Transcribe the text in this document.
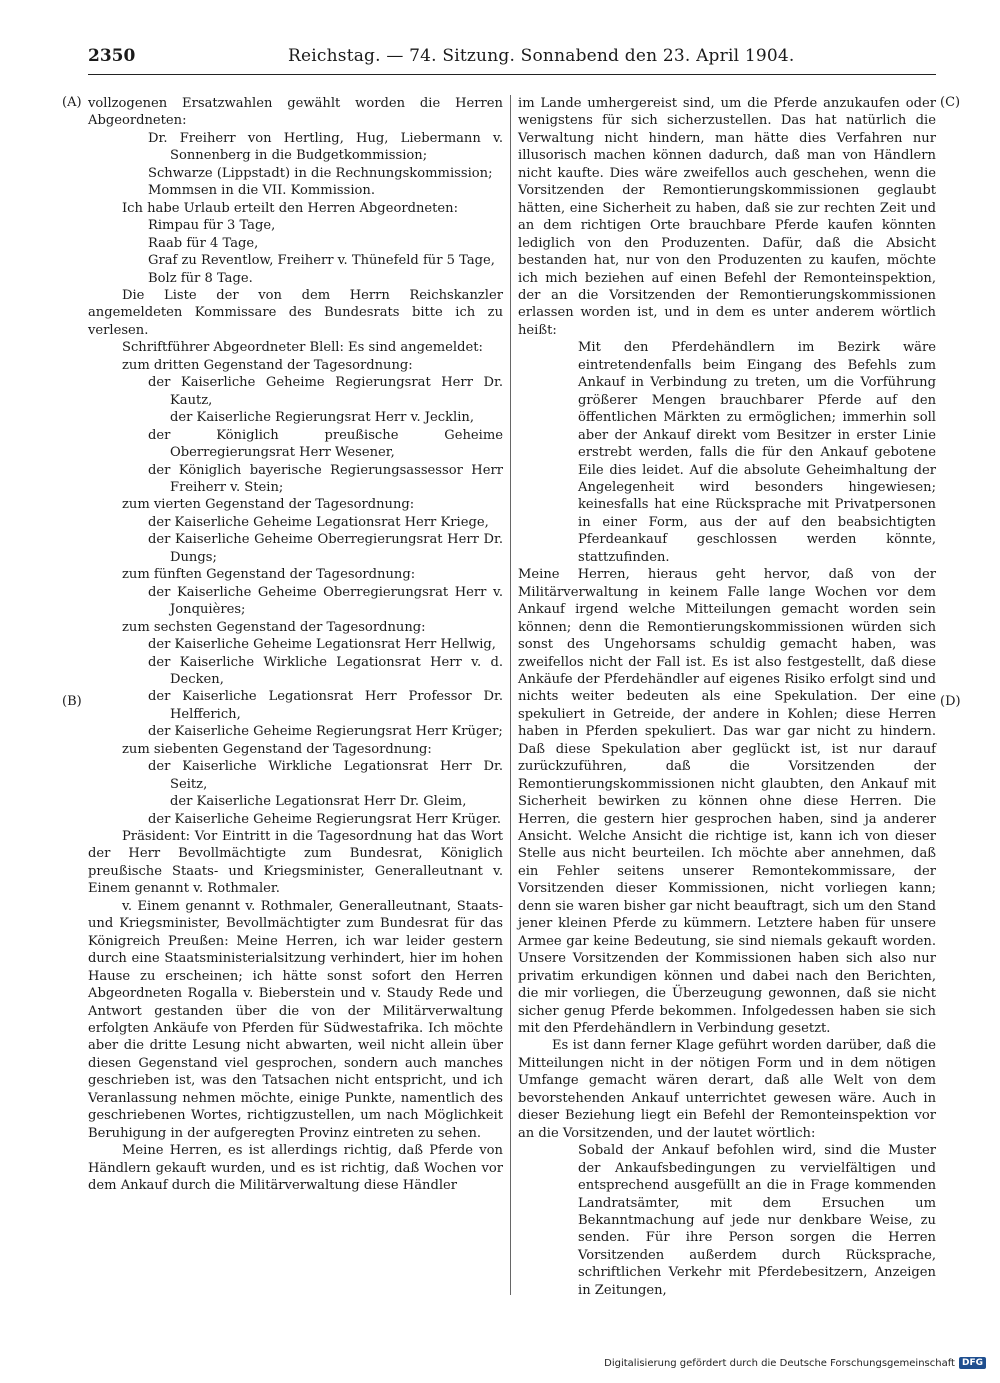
2350	Reichstag. — 74. Sitzung. Sonnabend den 23. April 1904.
(A)
(B)
(C)
(D)

vollzogenen Ersatzwahlen gewählt worden die Herren Abgeordneten:

Dr. Freiherr von Hertling, Hug, Liebermann v. Sonnenberg in die Budgetkommission;

Schwarze (Lippstadt) in die Rechnungskommission;

Mommsen in die VII. Kommission.

Ich habe Urlaub erteilt den Herren Abgeordneten:

Rimpau für 3 Tage,

Raab für 4 Tage,

Graf zu Reventlow, Freiherr v. Thünefeld für 5 Tage,

Bolz für 8 Tage.

Die Liste der von dem Herrn Reichskanzler angemeldeten Kommissare des Bundesrats bitte ich zu verlesen.

Schriftführer Abgeordneter Blell: Es sind angemeldet:

zum dritten Gegenstand der Tagesordnung:

der Kaiserliche Geheime Regierungsrat Herr Dr. Kautz,

der Kaiserliche Regierungsrat Herr v. Jecklin,

der Königlich preußische Geheime Oberregierungsrat Herr Wesener,

der Königlich bayerische Regierungsassessor Herr Freiherr v. Stein;

zum vierten Gegenstand der Tagesordnung:

der Kaiserliche Geheime Legationsrat Herr Kriege,

der Kaiserliche Geheime Oberregierungsrat Herr Dr. Dungs;

zum fünften Gegenstand der Tagesordnung:

der Kaiserliche Geheime Oberregierungsrat Herr v. Jonquières;

zum sechsten Gegenstand der Tagesordnung:

der Kaiserliche Geheime Legationsrat Herr Hellwig,

der Kaiserliche Wirkliche Legationsrat Herr v. d. Decken,

der Kaiserliche Legationsrat Herr Professor Dr. Helfferich,

der Kaiserliche Geheime Regierungsrat Herr Krüger;

zum siebenten Gegenstand der Tagesordnung:

der Kaiserliche Wirkliche Legationsrat Herr Dr. Seitz,

der Kaiserliche Legationsrat Herr Dr. Gleim,

der Kaiserliche Geheime Regierungsrat Herr Krüger.

Präsident: Vor Eintritt in die Tagesordnung hat das Wort der Herr Bevollmächtigte zum Bundesrat, Königlich preußische Staats- und Kriegsminister, Generalleutnant v. Einem genannt v. Rothmaler.

v. Einem genannt v. Rothmaler, Generalleutnant, Staats- und Kriegsminister, Bevollmächtigter zum Bundesrat für das Königreich Preußen: Meine Herren, ich war leider gestern durch eine Staatsministerialsitzung verhindert, hier im hohen Hause zu erscheinen; ich hätte sonst sofort den Herren Abgeordneten Rogalla v. Bieberstein und v. Staudy Rede und Antwort gestanden über die von der Militärverwaltung erfolgten Ankäufe von Pferden für Südwestafrika. Ich möchte aber die dritte Lesung nicht abwarten, weil nicht allein über diesen Gegenstand viel gesprochen, sondern auch manches geschrieben ist, was den Tatsachen nicht entspricht, und ich Veranlassung nehmen möchte, einige Punkte, namentlich des geschriebenen Wortes, richtigzustellen, um nach Möglichkeit Beruhigung in der aufgeregten Provinz eintreten zu sehen.

Meine Herren, es ist allerdings richtig, daß Pferde von Händlern gekauft wurden, und es ist richtig, daß Wochen vor dem Ankauf durch die Militärverwaltung diese Händler

im Lande umhergereist sind, um die Pferde anzukaufen oder wenigstens für sich sicherzustellen. Das hat natürlich die Verwaltung nicht hindern, man hätte dies Verfahren nur illusorisch machen können dadurch, daß man von Händlern nicht kaufte. Dies wäre zweifellos auch geschehen, wenn die Vorsitzenden der Remontierungskommissionen geglaubt hätten, eine Sicherheit zu haben, daß sie zur rechten Zeit und an dem richtigen Orte brauchbare Pferde kaufen könnten lediglich von den Produzenten. Dafür, daß die Absicht bestanden hat, nur von den Produzenten zu kaufen, möchte ich mich beziehen auf einen Befehl der Remonteinspektion, der an die Vorsitzenden der Remontierungskommissionen erlassen worden ist, und in dem es unter anderem wörtlich heißt:

Mit den Pferdehändlern im Bezirk wäre eintretendenfalls beim Eingang des Befehls zum Ankauf in Verbindung zu treten, um die Vorführung größerer Mengen brauchbarer Pferde auf den öffentlichen Märkten zu ermöglichen; immerhin soll aber der Ankauf direkt vom Besitzer in erster Linie erstrebt werden, falls die für den Ankauf gebotene Eile dies leidet. Auf die absolute Geheimhaltung der Angelegenheit wird besonders hingewiesen; keinesfalls hat eine Rücksprache mit Privatpersonen in einer Form, aus der auf den beabsichtigten Pferdeankauf geschlossen werden könnte, stattzufinden.

Meine Herren, hieraus geht hervor, daß von der Militärverwaltung in keinem Falle lange Wochen vor dem Ankauf irgend welche Mitteilungen gemacht worden sein können; denn die Remontierungskommissionen würden sich sonst des Ungehorsams schuldig gemacht haben, was zweifellos nicht der Fall ist. Es ist also festgestellt, daß diese Ankäufe der Pferdehändler auf eigenes Risiko erfolgt sind und nichts weiter bedeuten als eine Spekulation. Der eine spekuliert in Getreide, der andere in Kohlen; diese Herren haben in Pferden spekuliert. Das war gar nicht zu hindern. Daß diese Spekulation aber geglückt ist, ist nur darauf zurückzuführen, daß die Vorsitzenden der Remontierungskommissionen nicht glaubten, den Ankauf mit Sicherheit bewirken zu können ohne diese Herren. Die Herren, die gestern hier gesprochen haben, sind ja anderer Ansicht. Welche Ansicht die richtige ist, kann ich von dieser Stelle aus nicht beurteilen. Ich möchte aber annehmen, daß ein Fehler seitens unserer Remontekommissare, der Vorsitzenden dieser Kommissionen, nicht vorliegen kann; denn sie waren bisher gar nicht beauftragt, sich um den Stand jener kleinen Pferde zu kümmern. Letztere haben für unsere Armee gar keine Bedeutung, sie sind niemals gekauft worden. Unsere Vorsitzenden der Kommissionen haben sich also nur privatim erkundigen können und dabei nach den Berichten, die mir vorliegen, die Überzeugung gewonnen, daß sie nicht sicher genug Pferde bekommen. Infolgedessen haben sie sich mit den Pferdehändlern in Verbindung gesetzt.

Es ist dann ferner Klage geführt worden darüber, daß die Mitteilungen nicht in der nötigen Form und in dem nötigen Umfange gemacht wären derart, daß alle Welt von dem bevorstehenden Ankauf unterrichtet gewesen wäre. Auch in dieser Beziehung liegt ein Befehl der Remonteinspektion vor an die Vorsitzenden, und der lautet wörtlich:

Sobald der Ankauf befohlen wird, sind die Muster der Ankaufsbedingungen zu vervielfältigen und entsprechend ausgefüllt an die in Frage kommenden Landratsämter, mit dem Ersuchen um Bekanntmachung auf jede nur denkbare Weise, zu senden. Für ihre Person sorgen die Herren Vorsitzenden außerdem durch Rücksprache, schriftlichen Verkehr mit Pferdebesitzern, Anzeigen in Zeitungen,

Digitalisierung gefördert durch die Deutsche Forschungsgemeinschaft DFG
